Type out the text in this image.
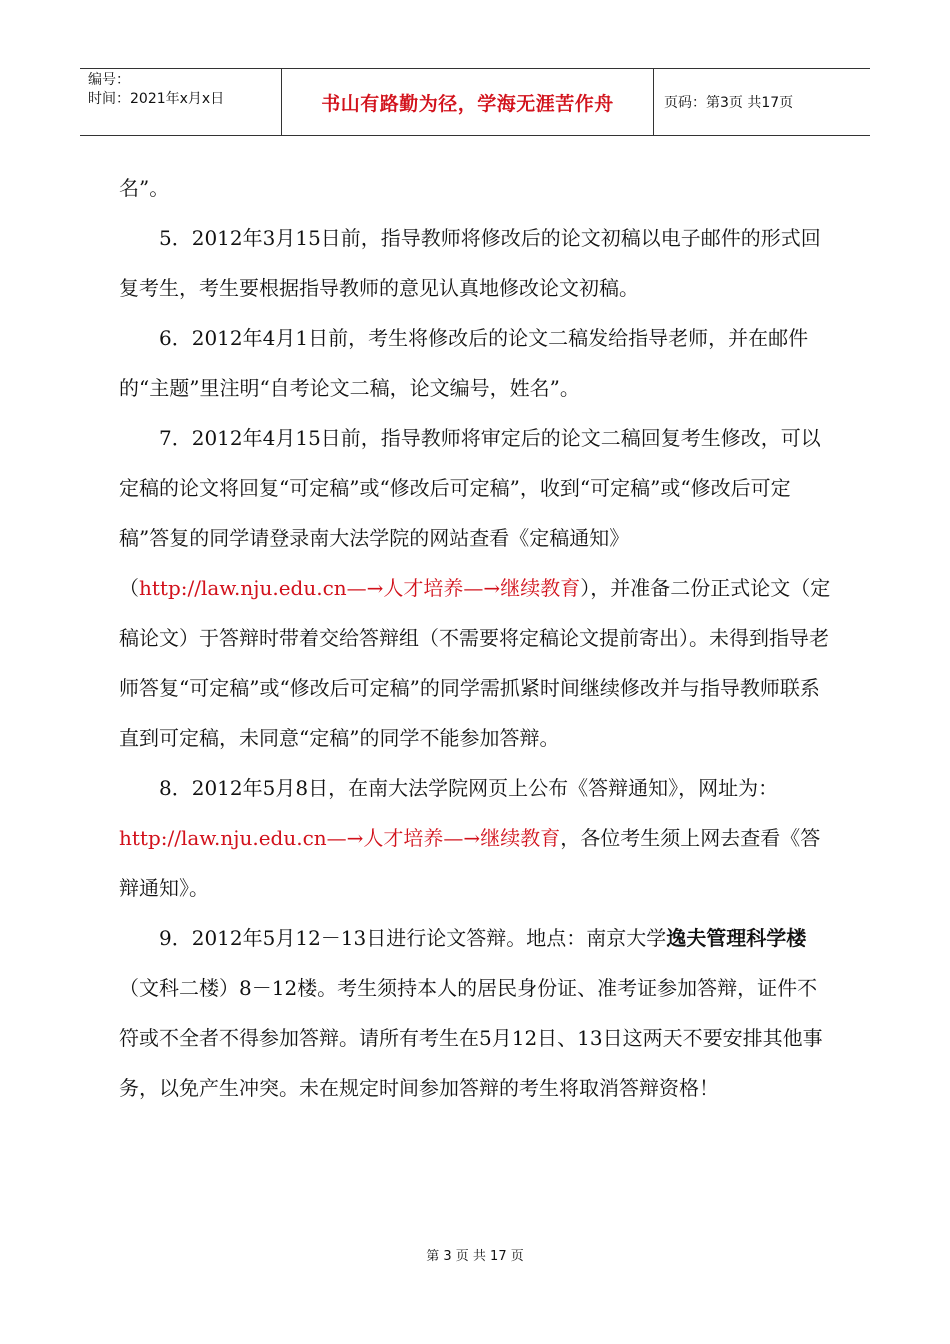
编号：
时间：2021年x月x日	书山有路勤为径，学海无涯苦作舟	页码：第3页 共17页

名”。

5．2012年3月15日前，指导教师将修改后的论文初稿以电子邮件的形式回复考生，考生要根据指导教师的意见认真地修改论文初稿。

6．2012年4月1日前，考生将修改后的论文二稿发给指导老师，并在邮件的“主题”里注明“自考论文二稿，论文编号，姓名”。

7．2012年4月15日前，指导教师将审定后的论文二稿回复考生修改，可以定稿的论文将回复“可定稿”或“修改后可定稿”，收到“可定稿”或“修改后可定稿”答复的同学请登录南大法学院的网站查看《定稿通知》（http://law.nju.edu.cn—→人才培养—→继续教育），并准备二份正式论文（定稿论文）于答辩时带着交给答辩组（不需要将定稿论文提前寄出）。未得到指导老师答复“可定稿”或“修改后可定稿”的同学需抓紧时间继续修改并与指导教师联系直到可定稿，未同意“定稿”的同学不能参加答辩。

8．2012年5月8日，在南大法学院网页上公布《答辩通知》，网址为：http://law.nju.edu.cn—→人才培养—→继续教育，各位考生须上网去查看《答辩通知》。

9．2012年5月12－13日进行论文答辩。地点：南京大学逸夫管理科学楼（文科二楼）8－12楼。考生须持本人的居民身份证、准考证参加答辩，证件不符或不全者不得参加答辩。请所有考生在5月12日、13日这两天不要安排其他事务，以免产生冲突。未在规定时间参加答辩的考生将取消答辩资格！

第 3 页 共 17 页
